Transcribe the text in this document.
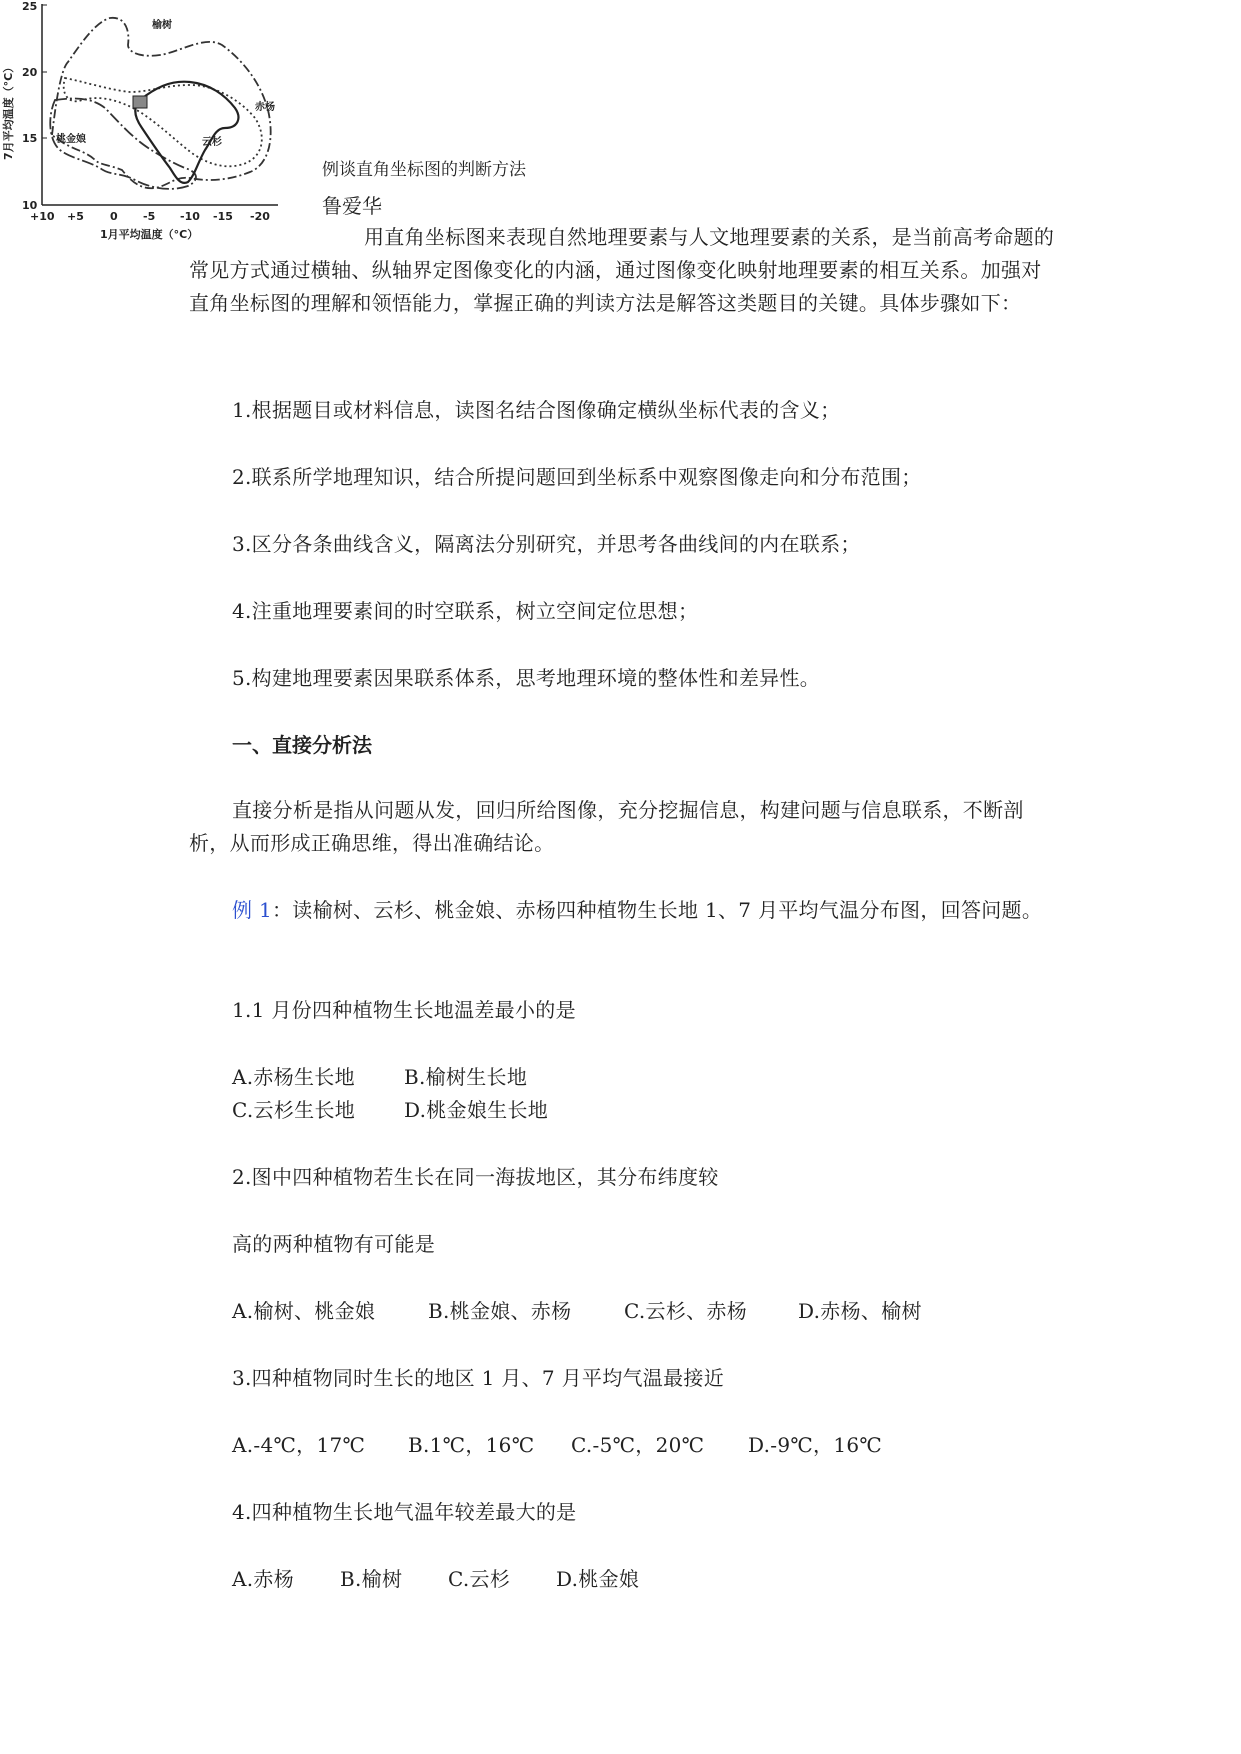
25
20
15
10
+10 +5 0 -5 -10 -15 -20
1月平均温度（°C）
7月平均温度（°C）
榆树
赤杨
云杉
桃金娘
例谈直角坐标图的判断方法
鲁爱华
用直角坐标图来表现自然地理要素与人文地理要素的关系，是当前高考命题的常见方式通过横轴、纵轴界定图像变化的内涵，通过图像变化映射地理要素的相互关系。加强对直角坐标图的理解和领悟能力，掌握正确的判读方法是解答这类题目的关键。具体步骤如下：
1.根据题目或材料信息，读图名结合图像确定横纵坐标代表的含义；
2.联系所学地理知识，结合所提问题回到坐标系中观察图像走向和分布范围；
3.区分各条曲线含义，隔离法分别研究，并思考各曲线间的内在联系；
4.注重地理要素间的时空联系，树立空间定位思想；
5.构建地理要素因果联系体系，思考地理环境的整体性和差异性。
一、直接分析法
直接分析是指从问题从发，回归所给图像，充分挖掘信息，构建问题与信息联系，不断剖析，从而形成正确思维，得出准确结论。
例 1：读榆树、云杉、桃金娘、赤杨四种植物生长地 1、7 月平均气温分布图，回答问题。
1.1 月份四种植物生长地温差最小的是
A.赤杨生长地 B.榆树生长地
C.云杉生长地 D.桃金娘生长地
2.图中四种植物若生长在同一海拔地区，其分布纬度较
高的两种植物有可能是
A.榆树、桃金娘	B.桃金娘、赤杨	C.云杉、赤杨	D.赤杨、榆树
3.四种植物同时生长的地区 1 月、7 月平均气温最接近
A.-4℃，17℃ B.1℃，16℃ C.-5℃，20℃ D.-9℃，16℃
4.四种植物生长地气温年较差最大的是
A.赤杨 B.榆树 C.云杉 D.桃金娘
